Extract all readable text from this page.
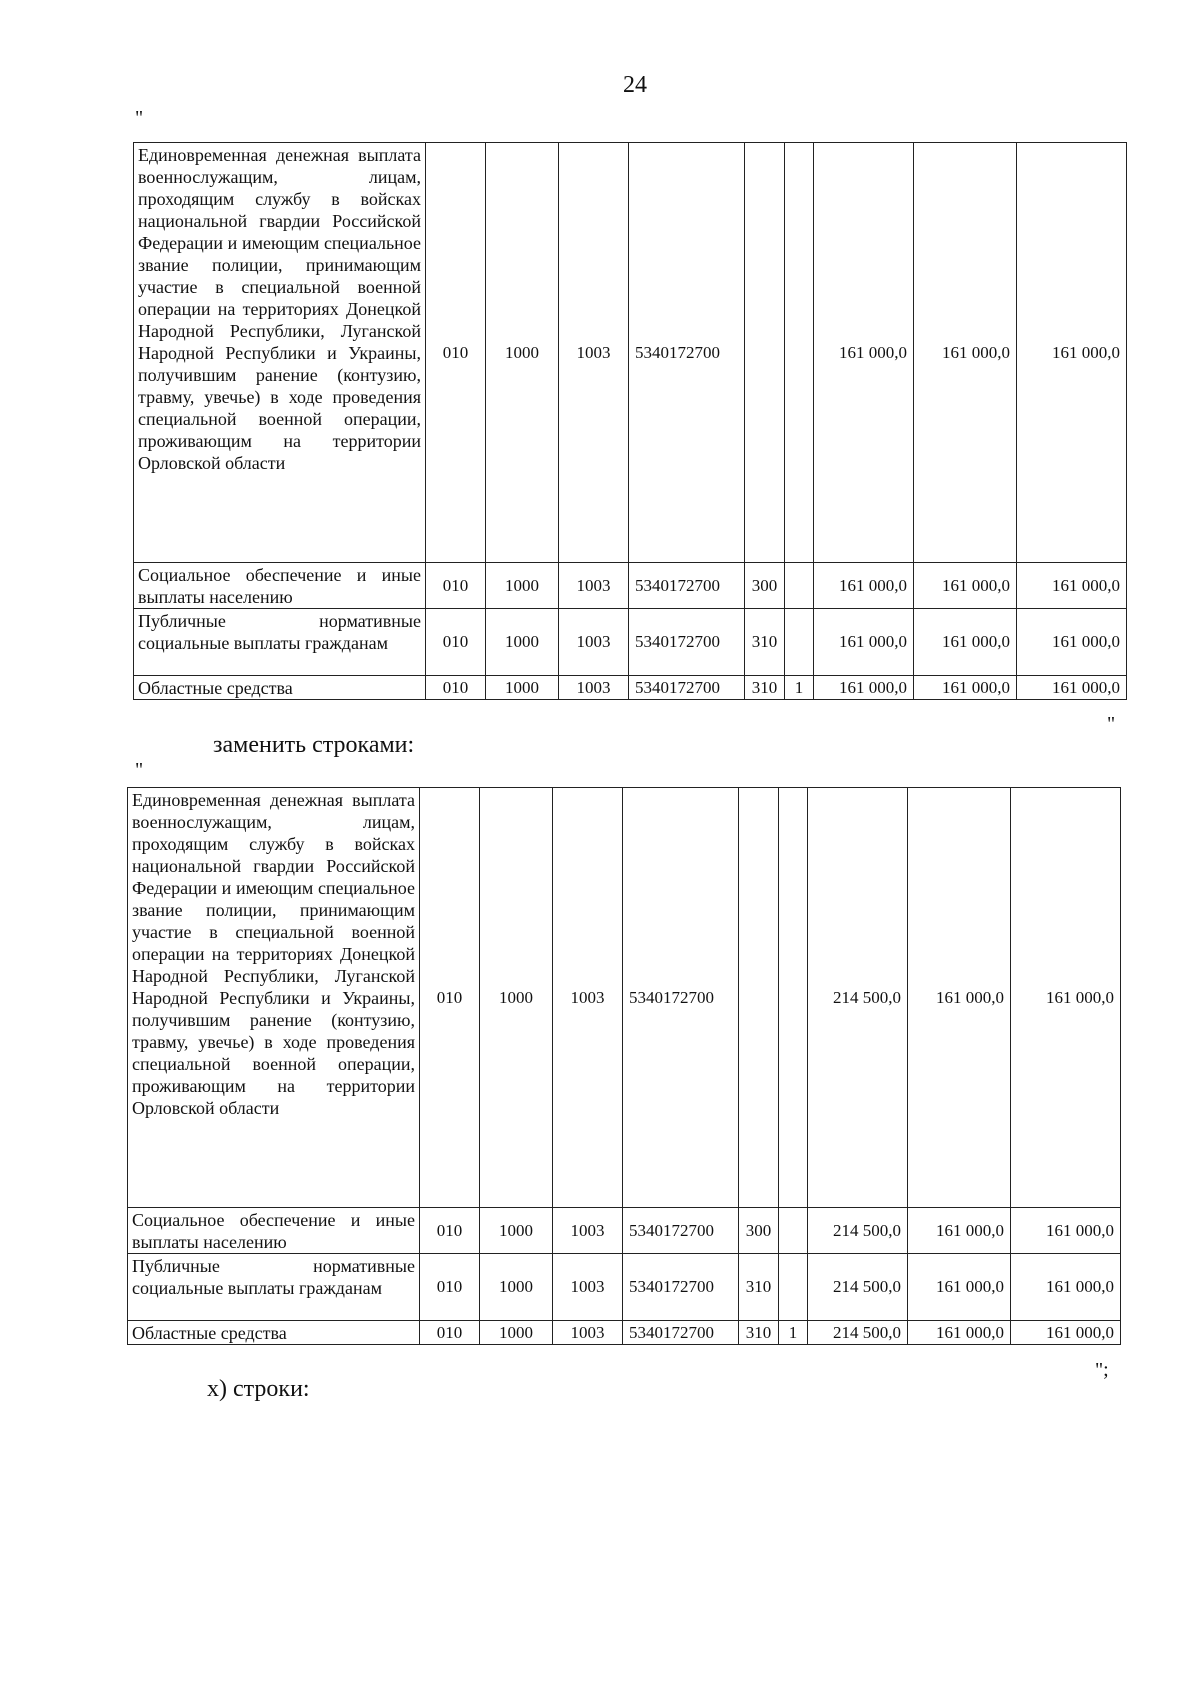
24
"
Единовременная денежная выплата военнослужащим, лицам, проходящим службу в войсках национальной гвардии Российской Федерации и имеющим специальное звание полиции, принимающим участие в специальной военной операции на территориях Донецкой Народной Республики, Луганской Народной Республики и Украины, получившим ранение (контузию, травму, увечье) в ходе проведения специальной военной операции, проживающим на территории Орловской области	010	1000	1003	5340172700			161 000,0	161 000,0	161 000,0
Социальное обеспечение и иные выплаты населению	010	1000	1003	5340172700	300		161 000,0	161 000,0	161 000,0
Публичные нормативные социальные выплаты гражданам	010	1000	1003	5340172700	310		161 000,0	161 000,0	161 000,0
Областные средства	010	1000	1003	5340172700	310	1	161 000,0	161 000,0	161 000,0
"
заменить строками:
"
Единовременная денежная выплата военнослужащим, лицам, проходящим службу в войсках национальной гвардии Российской Федерации и имеющим специальное звание полиции, принимающим участие в специальной военной операции на территориях Донецкой Народной Республики, Луганской Народной Республики и Украины, получившим ранение (контузию, травму, увечье) в ходе проведения специальной военной операции, проживающим на территории Орловской области	010	1000	1003	5340172700			214 500,0	161 000,0	161 000,0
Социальное обеспечение и иные выплаты населению	010	1000	1003	5340172700	300		214 500,0	161 000,0	161 000,0
Публичные нормативные социальные выплаты гражданам	010	1000	1003	5340172700	310		214 500,0	161 000,0	161 000,0
Областные средства	010	1000	1003	5340172700	310	1	214 500,0	161 000,0	161 000,0
";
х) строки:
